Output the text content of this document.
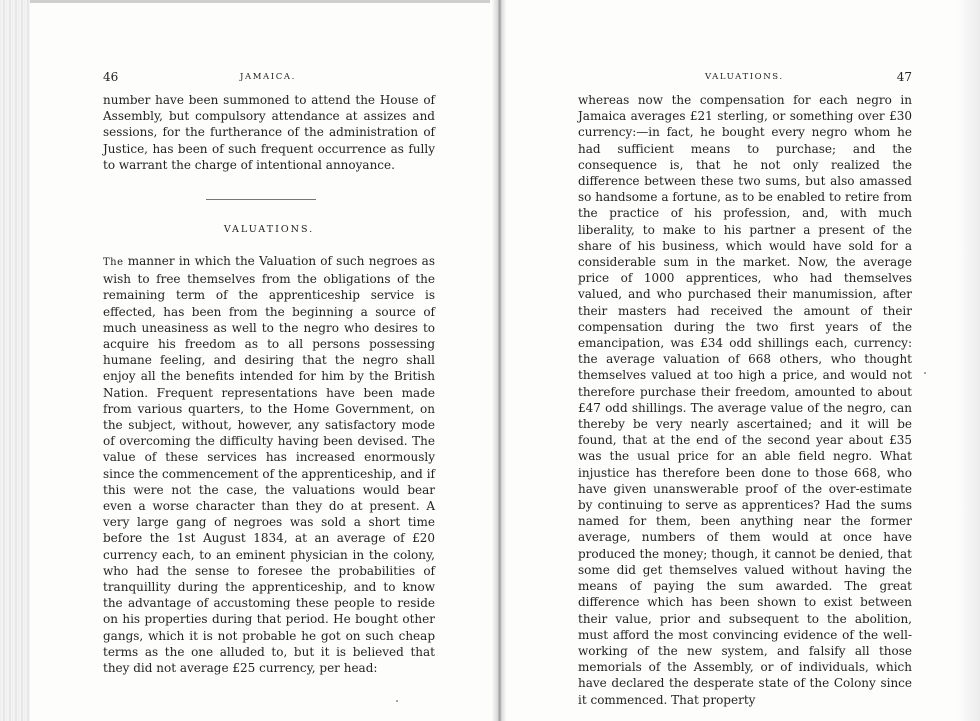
46	JAMAICA.

number have been summoned to attend the House of Assembly, but compulsory attendance at assizes and sessions, for the furtherance of the administration of Justice, has been of such frequent occurrence as fully to warrant the charge of intentional annoyance.

VALUATIONS.

The manner in which the Valuation of such negroes as wish to free themselves from the obligations of the remaining term of the apprenticeship service is effected, has been from the beginning a source of much uneasiness as well to the negro who desires to acquire his freedom as to all persons possessing humane feeling, and desiring that the negro shall enjoy all the benefits intended for him by the British Nation. Frequent representations have been made from various quarters, to the Home Government, on the subject, without, however, any satisfactory mode of overcoming the difficulty having been devised. The value of these services has increased enormously since the commencement of the apprenticeship, and if this were not the case, the valuations would bear even a worse character than they do at present. A very large gang of negroes was sold a short time before the 1st August 1834, at an average of £20 currency each, to an eminent physician in the colony, who had the sense to foresee the probabilities of tranquillity during the apprenticeship, and to know the advantage of accustoming these people to reside on his properties during that period. He bought other gangs, which it is not probable he got on such cheap terms as the one alluded to, but it is believed that they did not average £25 currency, per head:

VALUATIONS.	47

whereas now the compensation for each negro in Jamaica averages £21 sterling, or something over £30 currency:—in fact, he bought every negro whom he had sufficient means to purchase; and the consequence is, that he not only realized the difference between these two sums, but also amassed so handsome a fortune, as to be enabled to retire from the practice of his profession, and, with much liberality, to make to his partner a present of the share of his business, which would have sold for a considerable sum in the market. Now, the average price of 1000 apprentices, who had themselves valued, and who purchased their manumission, after their masters had received the amount of their compensation during the two first years of the emancipation, was £34 odd shillings each, currency: the average valuation of 668 others, who thought themselves valued at too high a price, and would not therefore purchase their freedom, amounted to about £47 odd shillings. The average value of the negro, can thereby be very nearly ascertained; and it will be found, that at the end of the second year about £35 was the usual price for an able field negro. What injustice has therefore been done to those 668, who have given unanswerable proof of the over-estimate by continuing to serve as apprentices? Had the sums named for them, been anything near the former average, numbers of them would at once have produced the money; though, it cannot be denied, that some did get themselves valued without having the means of paying the sum awarded. The great difference which has been shown to exist between their value, prior and subsequent to the abolition, must afford the most convincing evidence of the well-working of the new system, and falsify all those memorials of the Assembly, or of individuals, which have declared the desperate state of the Colony since it commenced. That property
